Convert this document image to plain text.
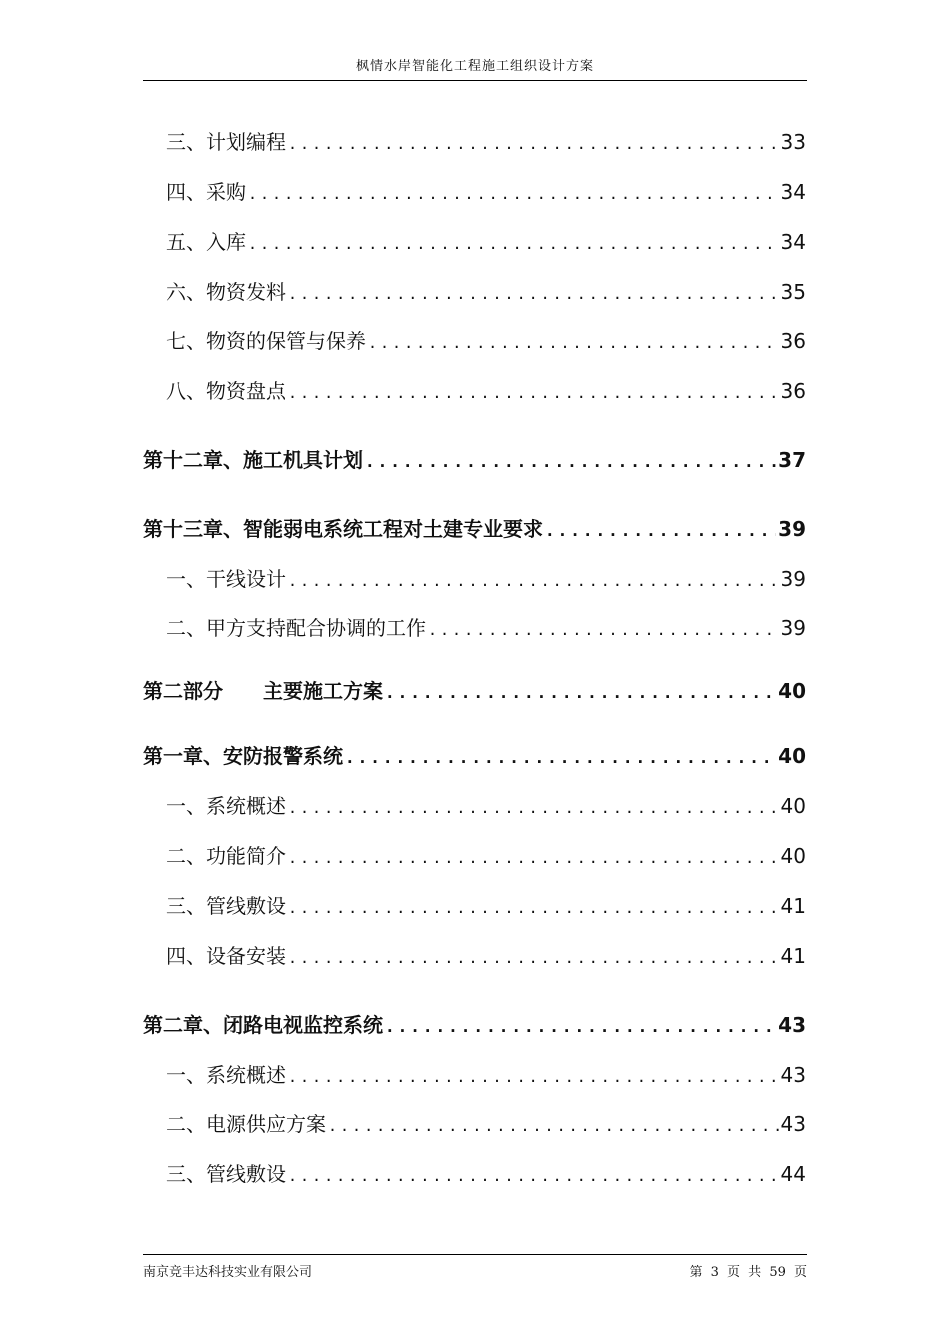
枫情水岸智能化工程施工组织设计方案
三、计划编程 .....	33
四、采购 .....	34
五、入库 .....	34
六、物资发料 .....	35
七、物资的保管与保养 .....	36
八、物资盘点 .....	36
第十二章、施工机具计划 .....	37
第十三章、智能弱电系统工程对土建专业要求 .....	39
一、干线设计 .....	39
二、甲方支持配合协调的工作 .....	39
第二部分　　主要施工方案 .....	40
第一章、安防报警系统 .....	40
一、系统概述 .....	40
二、功能简介 .....	40
三、管线敷设 .....	41
四、设备安装 .....	41
第二章、闭路电视监控系统 .....	43
一、系统概述 .....	43
二、电源供应方案 .....	43
三、管线敷设 .....	44
南京竞丰达科技实业有限公司	第 3 页 共 59 页
